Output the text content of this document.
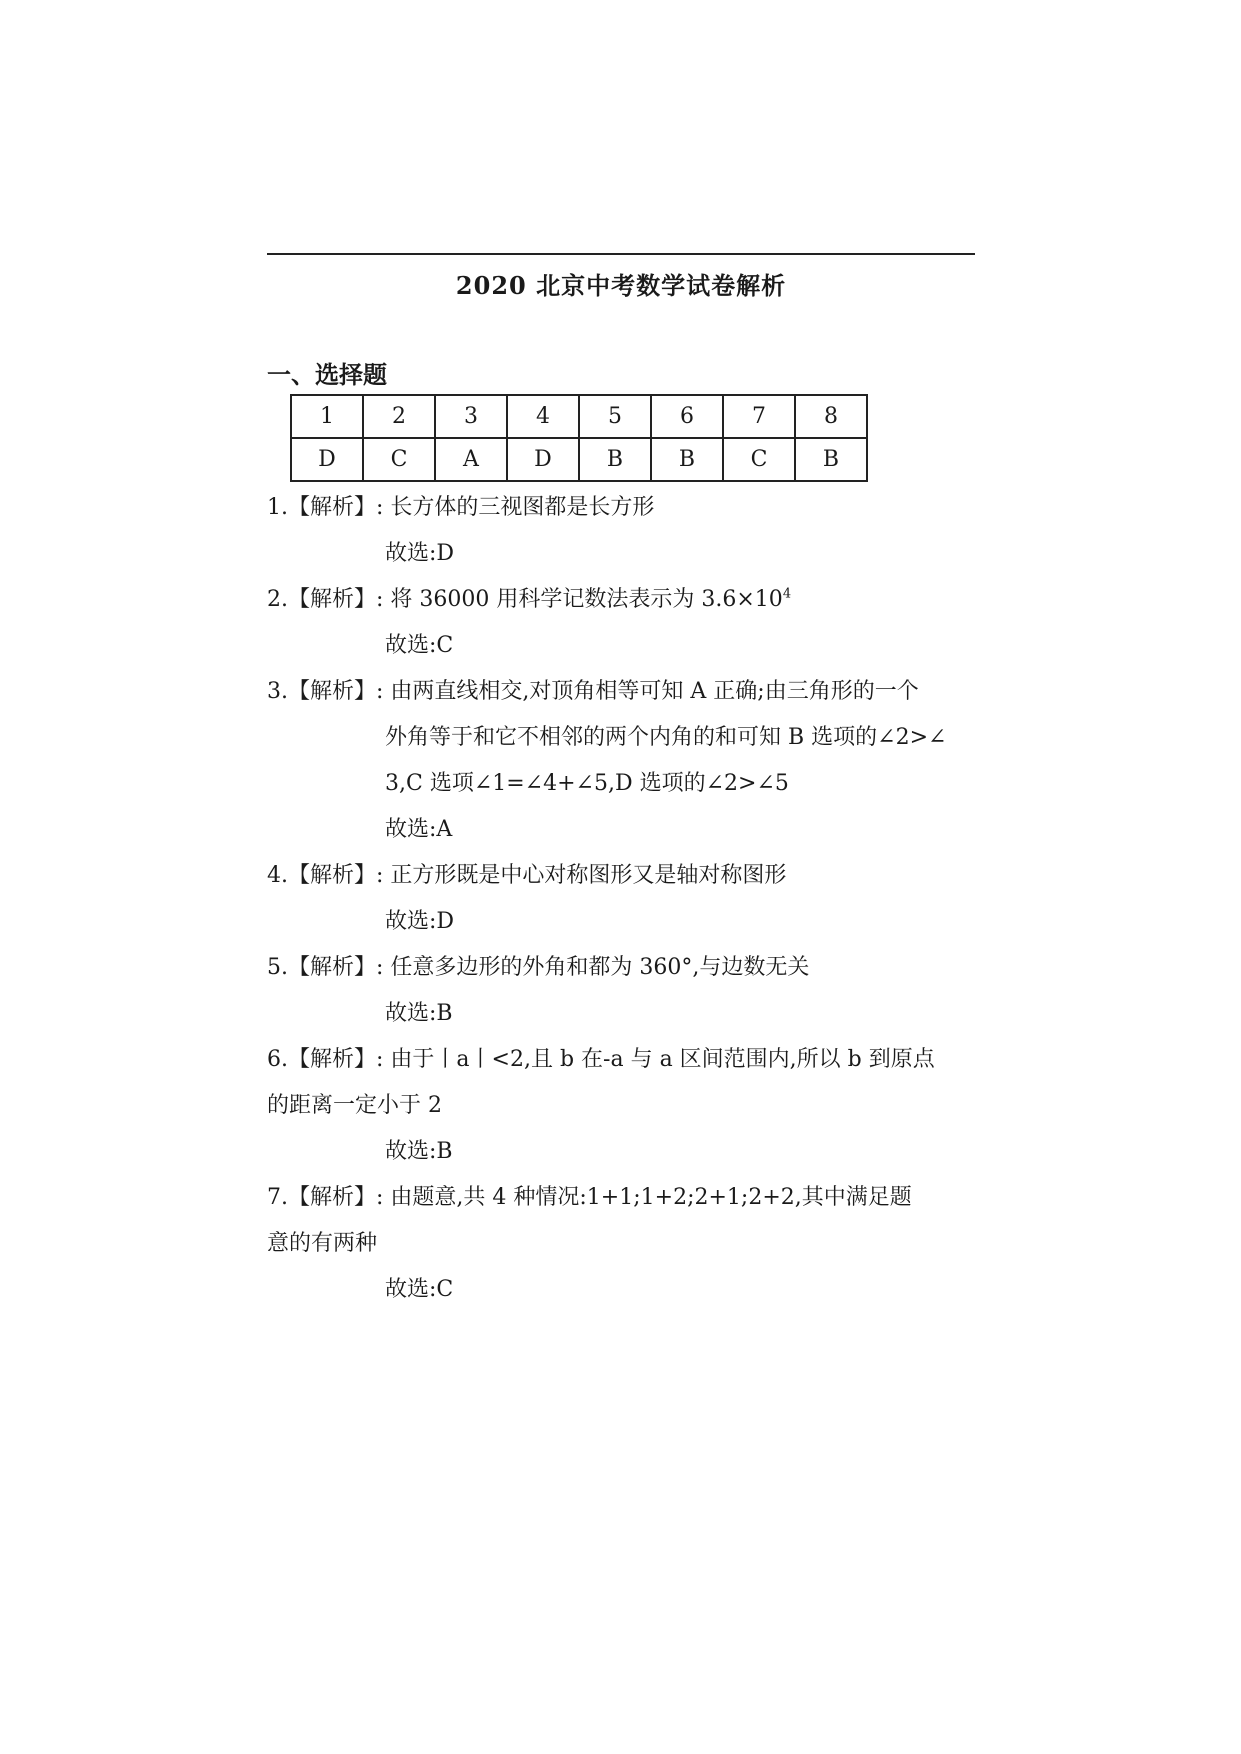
2020 北京中考数学试卷解析
一、选择题
1	2	3	4	5	6	7	8
D	C	A	D	B	B	C	B
1.【解析】: 长方体的三视图都是长方形
故选:D
2.【解析】: 将 36000 用科学记数法表示为 $3.6\times 10^4$
故选:C
3.【解析】: 由两直线相交,对顶角相等可知 A 正确;由三角形的一个
外角等于和它不相邻的两个内角的和可知 B 选项的∠2>∠
3,C 选项∠1=∠4+∠5,D 选项的∠2>∠5
故选:A
4.【解析】: 正方形既是中心对称图形又是轴对称图形
故选:D
5.【解析】: 任意多边形的外角和都为 360°,与边数无关
故选:B
6.【解析】: 由于丨a丨<2,且 b 在-a 与 a 区间范围内,所以 b 到原点
的距离一定小于 2
故选:B
7.【解析】: 由题意,共 4 种情况:1+1;1+2;2+1;2+2,其中满足题
意的有两种
故选:C
